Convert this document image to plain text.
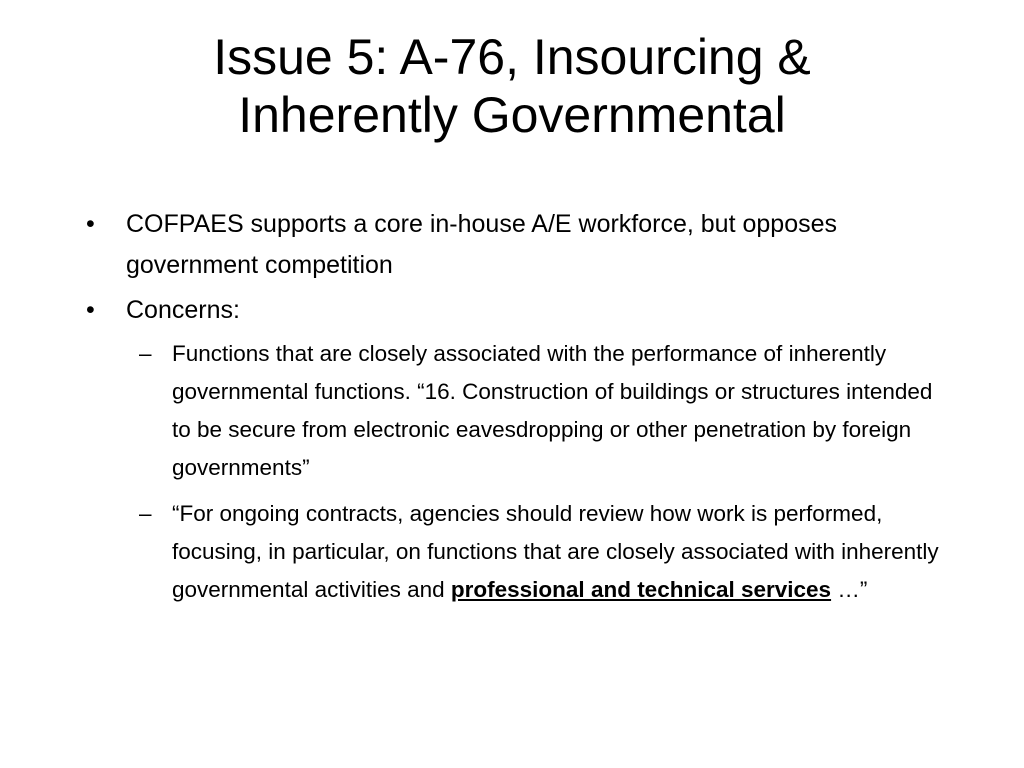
Issue 5: A-76, Insourcing &
Inherently Governmental
• COFPAES supports a core in-house A/E workforce, but opposes government competition
• Concerns:
– Functions that are closely associated with the performance of inherently governmental functions. “16. Construction of buildings or structures intended to be secure from electronic eavesdropping or other penetration by foreign governments”
– “For ongoing contracts, agencies should review how work is performed, focusing, in particular, on functions that are closely associated with inherently governmental activities and professional and technical services …”
